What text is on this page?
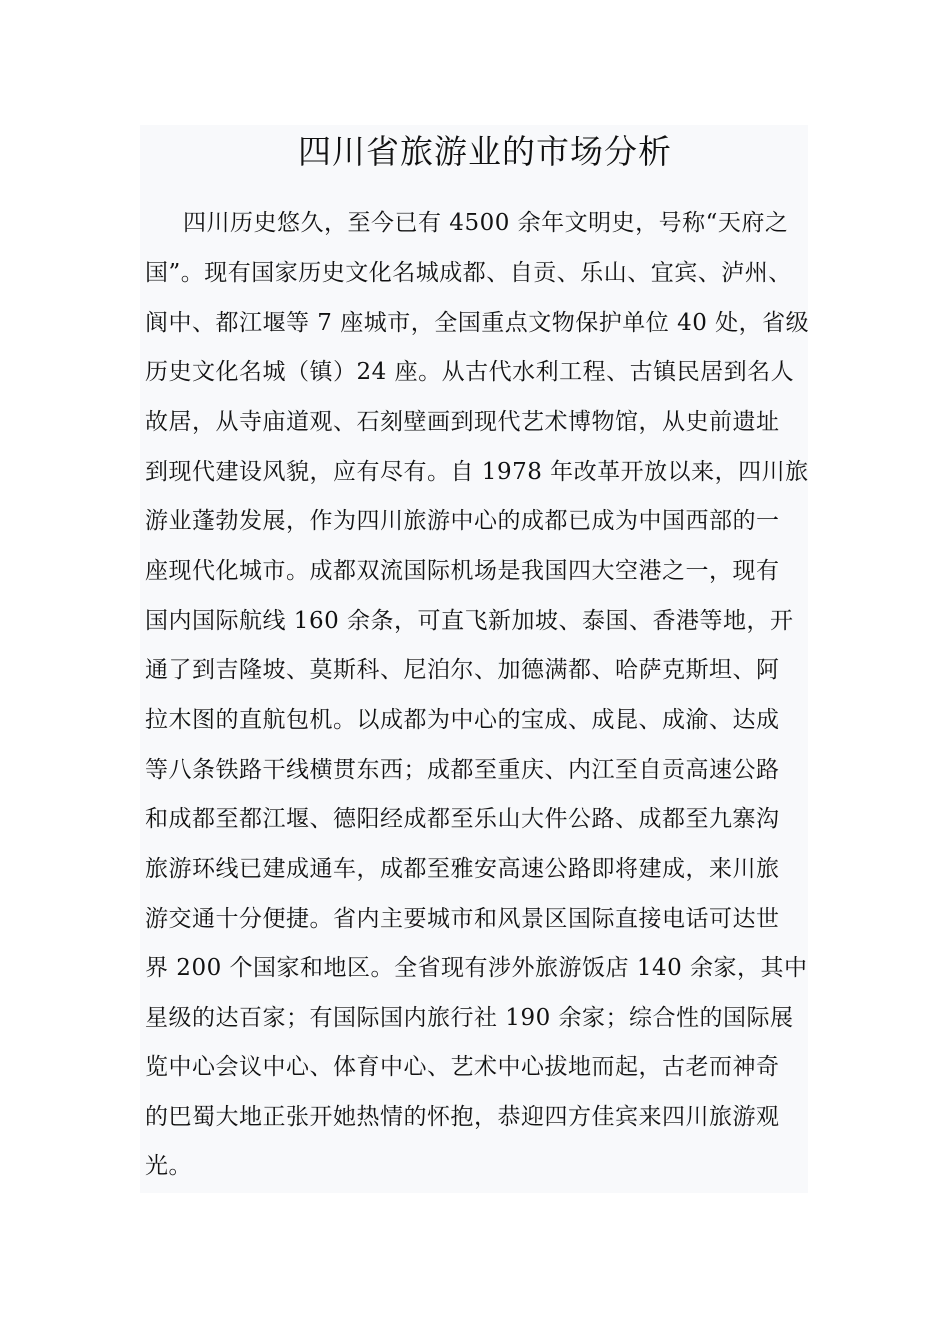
四川省旅游业的市场分析
四川历史悠久，至今已有 4500 余年文明史，号称“天府之
国”。现有国家历史文化名城成都、自贡、乐山、宜宾、泸州、
阆中、都江堰等 7 座城市，全国重点文物保护单位 40 处，省级
历史文化名城（镇）24 座。从古代水利工程、古镇民居到名人
故居，从寺庙道观、石刻壁画到现代艺术博物馆，从史前遗址
到现代建设风貌，应有尽有。自 1978 年改革开放以来，四川旅
游业蓬勃发展，作为四川旅游中心的成都已成为中国西部的一
座现代化城市。成都双流国际机场是我国四大空港之一，现有
国内国际航线 160 余条，可直飞新加坡、泰国、香港等地，开
通了到吉隆坡、莫斯科、尼泊尔、加德满都、哈萨克斯坦、阿
拉木图的直航包机。以成都为中心的宝成、成昆、成渝、达成
等八条铁路干线横贯东西；成都至重庆、内江至自贡高速公路
和成都至都江堰、德阳经成都至乐山大件公路、成都至九寨沟
旅游环线已建成通车，成都至雅安高速公路即将建成，来川旅
游交通十分便捷。省内主要城市和风景区国际直接电话可达世
界 200 个国家和地区。全省现有涉外旅游饭店 140 余家，其中
星级的达百家；有国际国内旅行社 190 余家；综合性的国际展
览中心会议中心、体育中心、艺术中心拔地而起，古老而神奇
的巴蜀大地正张开她热情的怀抱，恭迎四方佳宾来四川旅游观
光。
